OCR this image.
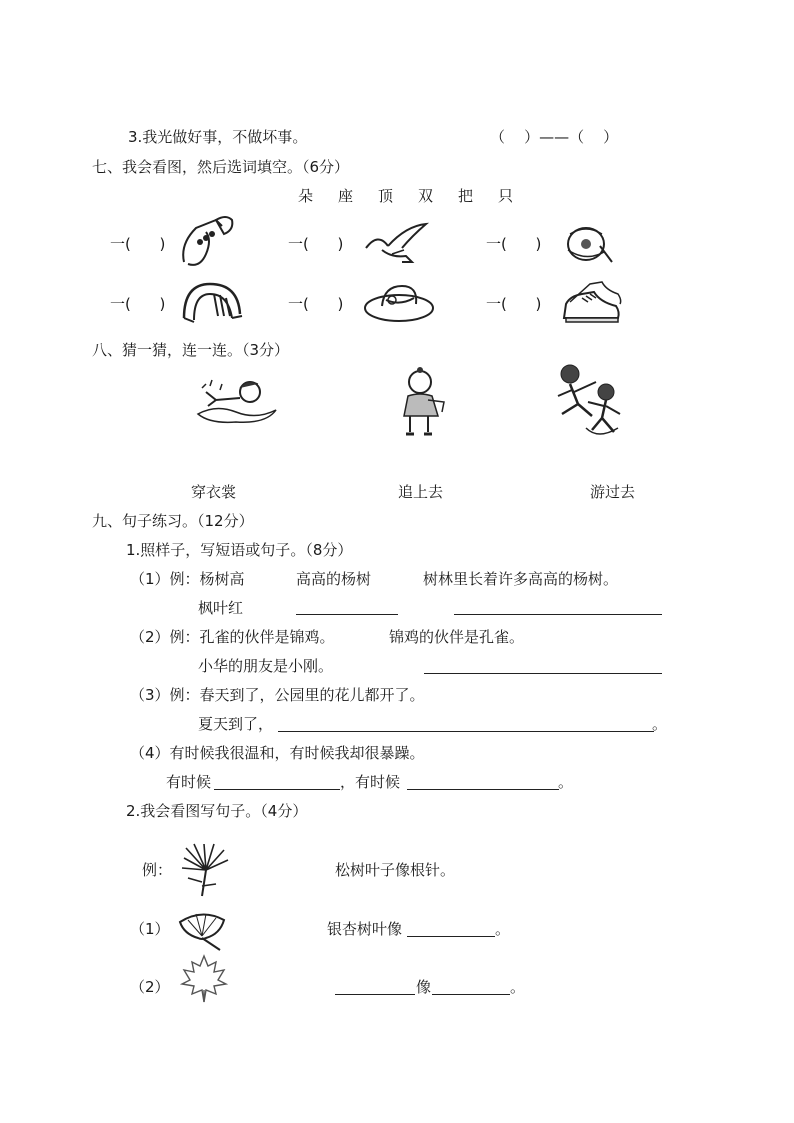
3.我光做好事，不做坏事。	（    ）——（    ）
七、我会看图，然后选词填空。（6分）
朵 座 顶 双 把 只
一(      )	一(      )	一(      )
一(      )	一(      )	一(      )
八、猜一猜，连一连。（3分）
穿衣裳	追上去	游过去
九、句子练习。（12分）
1.照样子，写短语或句子。（8分）
（1）例：杨树高	高高的杨树	树林里长着许多高高的杨树。
枫叶红
（2）例：孔雀的伙伴是锦鸡。	锦鸡的伙伴是孔雀。
小华的朋友是小刚。
（3）例：春天到了，公园里的花儿都开了。
夏天到了，	。
（4）有时候我很温和，有时候我却很暴躁。
有时候	，有时候	。
2.我会看图写句子。（4分）
例：	松树叶子像根针。
（1）	银杏树叶像	。
（2）	像	。
